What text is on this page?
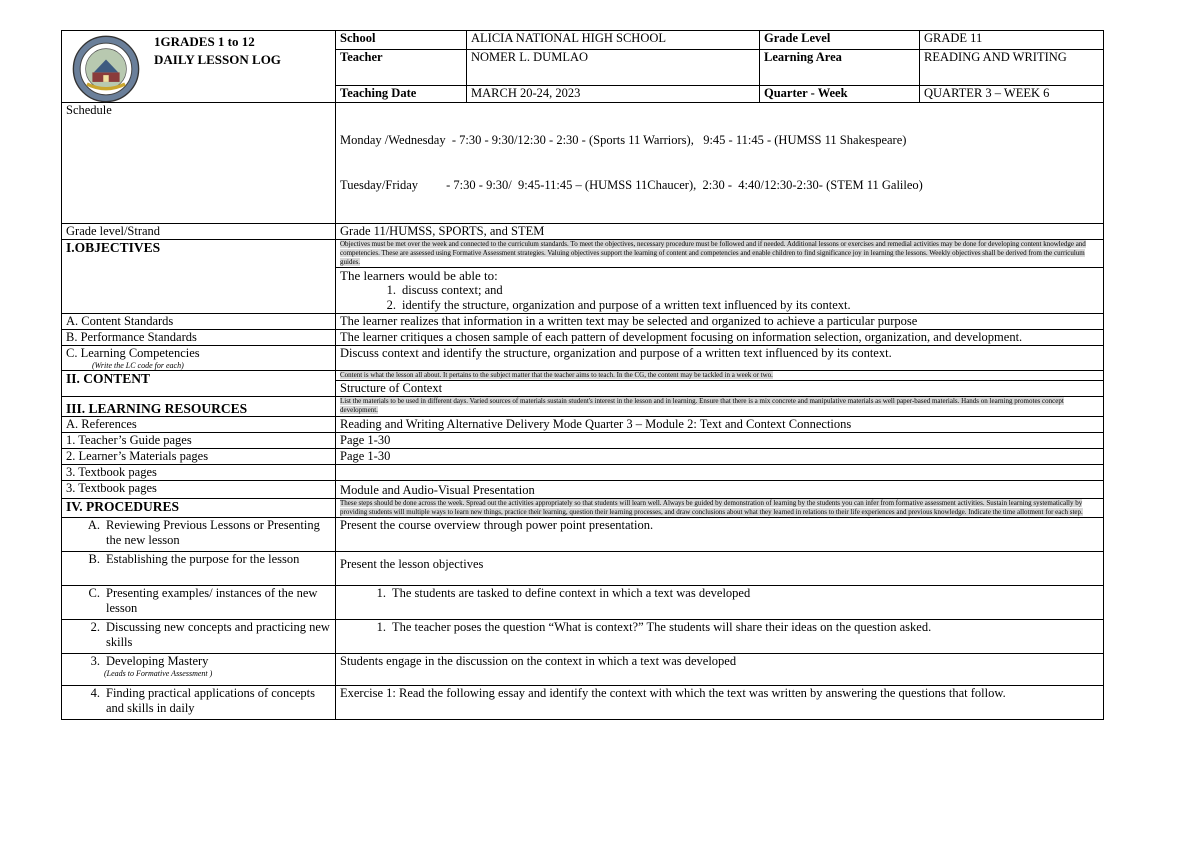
1GRADES 1 to 12
DAILY LESSON LOG	School	ALICIA NATIONAL HIGH SCHOOL	Grade Level	GRADE 11
	Teacher	NOMER L. DUMLAO	Learning Area	READING AND WRITING
	Teaching Date	MARCH 20-24, 2023	Quarter - Week	QUARTER 3 – WEEK 6
Schedule	Monday /Wednesday  - 7:30 - 9:30/12:30 - 2:30 - (Sports 11 Warriors),   9:45 - 11:45 - (HUMSS 11 Shakespeare)

Tuesday/Friday         - 7:30 - 9:30/  9:45-11:45 – (HUMSS 11Chaucer),  2:30 -  4:40/12:30-2:30- (STEM 11 Galileo)			

Grade level/Strand	Grade 11/HUMSS, SPORTS, and STEM			
I.OBJECTIVES	Objectives must be met over the week and connected to the curriculum standards. To meet the objectives, necessary procedure must be followed and if needed. Additional lessons or exercises and remedial activities may be done for developing content knowledge and competencies. These are assessed using Formative Assessment strategies. Valuing objectives support the learning of content and competencies and enable children to find significance joy in learning the lessons. Weekly objectives shall be derived from the curriculum guides.			

	The learners would be able to:
1. discuss context; and
2. identify the structure, organization and purpose of a written text influenced by its context.			

A. Content Standards	The learner realizes that information in a written text may be selected and organized to achieve a particular purpose			
B. Performance Standards	The learner critiques a chosen sample of each pattern of development focusing on information selection, organization, and development.			

C. Learning Competencies
(Write the LC code for each)	Discuss context and identify the structure, organization and purpose of a written text influenced by its context.			
II. CONTENT	Content is what the lesson all about. It pertains to the subject matter that the teacher aims to teach. In the CG, the content may be tackled in a week or two.			
	Structure of Context			
III. LEARNING RESOURCES	List the materials to be used in different days. Varied sources of materials sustain student's interest in the lesson and in learning. Ensure that there is a mix concrete and manipulative materials as well paper-based materials. Hands on learning promotes concept development.			
A. References	Reading and Writing Alternative Delivery Mode Quarter 3 – Module 2: Text and Context Connections			
1. Teacher’s Guide pages	Page 1-30			
2. Learner’s Materials pages	Page 1-30			
3. Textbook pages				
3. Textbook pages	Module and Audio-Visual Presentation			
IV. PROCEDURES	These steps should be done across the week. Spread out the activities appropriately so that students will learn well. Always be guided by demonstration of learning by the students you can infer from formative assessment activities. Sustain learning systematically by providing students will multiple ways to learn new things, practice their learning, question their learning processes, and draw conclusions about what they learned in relations to their life experiences and previous knowledge. Indicate the time allotment for each step.			

A. Reviewing Previous Lessons or Presenting the new lesson	Present the course overview through power point presentation.			

B. Establishing the purpose for the lesson	Present the lesson objectives			

C. Presenting examples/ instances of the new lesson	1. The students are tasked to define context in which a text was developed			

2. Discussing new concepts and practicing new skills	1. The teacher poses the question “What is context?” The students will share their ideas on the question asked.			

3. Developing Mastery
(Leads to Formative Assessment )	Students engage in the discussion on the context in which a text was developed			

4. Finding practical applications of concepts and skills in daily	Exercise 1: Read the following essay and identify the context with which the text was written by answering the questions that follow.			
